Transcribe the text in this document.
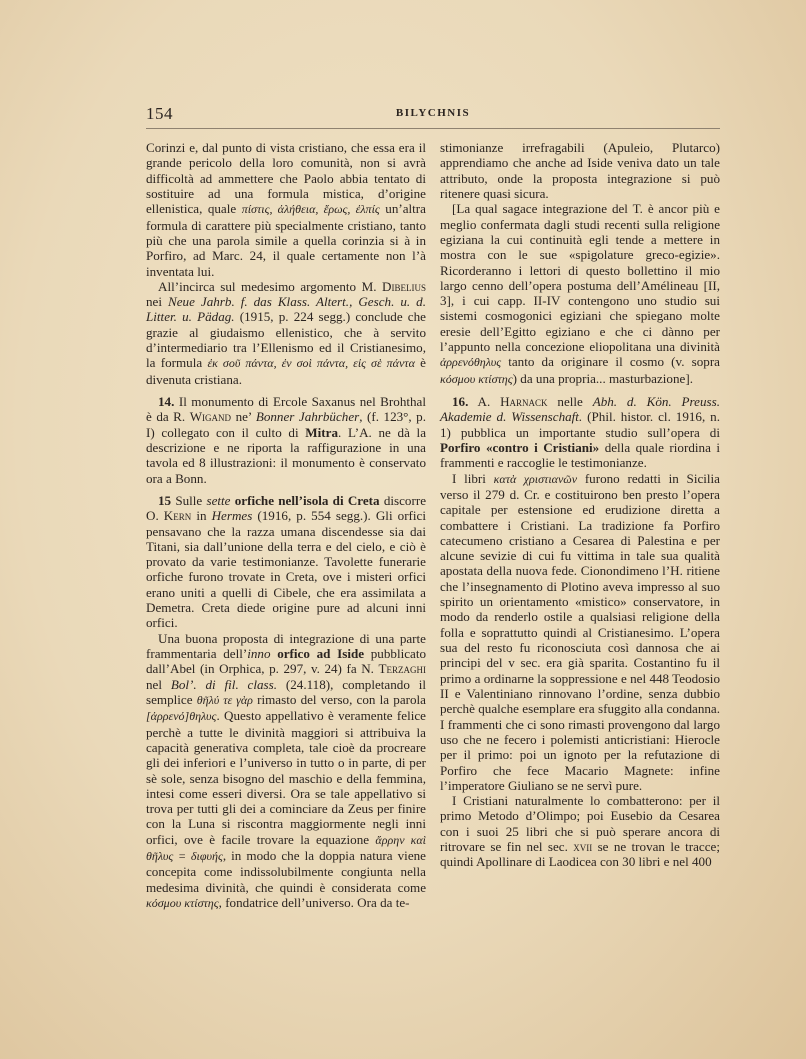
154	BILYCHNIS

Corinzi e, dal punto di vista cristiano, che essa era il grande pericolo della loro comunità, non si avrà difficoltà ad ammettere che Paolo abbia tentato di sostituire ad una formula mistica, d’origine ellenistica, quale πίστις, ἀλήθεια, ἔρως, ἐλπίς un’altra formula di carattere più specialmente cristiano, tanto più che una parola simile a quella corinzia si à in Porfiro, ad Marc. 24, il quale certamente non l’à inventata lui.

All’incirca sul medesimo argomento M. Dibelius nei Neue Jahrb. f. das Klass. Altert., Gesch. u. d. Litter. u. Pädag. (1915, p. 224 segg.) conclude che grazie al giudaismo ellenistico, che à servito d’intermediario tra l’Ellenismo ed il Cristianesimo, la formula ἐκ σοῦ πάντα, ἐν σοὶ πάντα, εἰς σὲ πάντα è divenuta cristiana.

14. Il monumento di Ercole Saxanus nel Brohthal è da R. Wigand ne’ Bonner Jahrbücher, (f. 123°, p. I) collegato con il culto di Mitra. L’A. ne dà la descrizione e ne riporta la raffigurazione in una tavola ed 8 illustrazioni: il monumento è conservato ora a Bonn.

15 Sulle sette orfiche nell’isola di Creta discorre O. Kern in Hermes (1916, p. 554 segg.). Gli orfici pensavano che la razza umana discendesse sia dai Titani, sia dall’unione della terra e del cielo, e ciò è provato da varie testimonianze. Tavolette funerarie orfiche furono trovate in Creta, ove i misteri orfici erano uniti a quelli di Cibele, che era assimilata a Demetra. Creta diede origine pure ad alcuni inni orfici.

Una buona proposta di integrazione di una parte frammentaria dell’inno orfico ad Iside pubblicato dall’Abel (in Orphica, p. 297, v. 24) fa N. Terzaghi nel Bol’. di fil. class. (24.118), completando il semplice θῆλύ τε γὰρ rimasto del verso, con la parola [ἀρρενό]θηλυς. Questo appellativo è veramente felice perchè a tutte le divinità maggiori si attribuiva la capacità generativa completa, tale cioè da procreare gli dei inferiori e l’universo in tutto o in parte, di per sè sole, senza bisogno del maschio e della femmina, intesi come esseri diversi. Ora se tale appellativo si trova per tutti gli dei a cominciare da Zeus per finire con la Luna si riscontra maggiormente negli inni orfici, ove è facile trovare la equazione ἄρρην καὶ θῆλυς = διφυής, in modo che la doppia natura viene concepita come indissolubilmente congiunta nella medesima divinità, che quindi è considerata come κόσμου κτίστης, fondatrice dell’universo. Ora da te-

stimonianze irrefragabili (Apuleio, Plutarco) apprendiamo che anche ad Iside veniva dato un tale attributo, onde la proposta integrazione si può ritenere quasi sicura.

[La qual sagace integrazione del T. è ancor più e meglio confermata dagli studi recenti sulla religione egiziana la cui continuità egli tende a mettere in mostra con le sue «spigolature greco-egizie». Ricorderanno i lettori di questo bollettino il mio largo cenno dell’opera postuma dell’Amélineau [II, 3], i cui capp. II-IV contengono uno studio sui sistemi cosmogonici egiziani che spiegano molte eresie dell’Egitto egiziano e che ci dànno per l’appunto nella concezione eliopolitana una divinità ἀρρενόθηλυς tanto da originare il cosmo (v. sopra κόσμου κτίστης) da una propria... masturbazione].

16. A. Harnack nelle Abh. d. Kön. Preuss. Akademie d. Wissenschaft. (Phil. histor. cl. 1916, n. 1) pubblica un importante studio sull’opera di Porfiro «contro i Cristiani» della quale riordina i frammenti e raccoglie le testimonianze.

I libri κατὰ χριστιανῶν furono redatti in Sicilia verso il 279 d. Cr. e costituirono ben presto l’opera capitale per estensione ed erudizione diretta a combattere i Cristiani. La tradizione fa Porfiro catecumeno cristiano a Cesarea di Palestina e per alcune sevizie di cui fu vittima in tale sua qualità apostata della nuova fede. Cionondimeno l’H. ritiene che l’insegnamento di Plotino aveva impresso al suo spirito un orientamento «mistico» conservatore, in modo da renderlo ostile a qualsiasi religione della folla e soprattutto quindi al Cristianesimo. L’opera sua del resto fu riconosciuta così dannosa che ai principi del v sec. era già sparita. Costantino fu il primo a ordinarne la soppressione e nel 448 Teodosio II e Valentiniano rinnovano l’ordine, senza dubbio perchè qualche esemplare era sfuggito alla condanna. I frammenti che ci sono rimasti provengono dal largo uso che ne fecero i polemisti anticristiani: Hierocle per il primo: poi un ignoto per la refutazione di Porfiro che fece Macario Magnete: infine l’imperatore Giuliano se ne servì pure.

I Cristiani naturalmente lo combatterono: per il primo Metodo d’Olimpo; poi Eusebio da Cesarea con i suoi 25 libri che si può sperare ancora di ritrovare se fin nel sec. xvii se ne trovan le tracce; quindi Apollinare di Laodicea con 30 libri e nel 400
